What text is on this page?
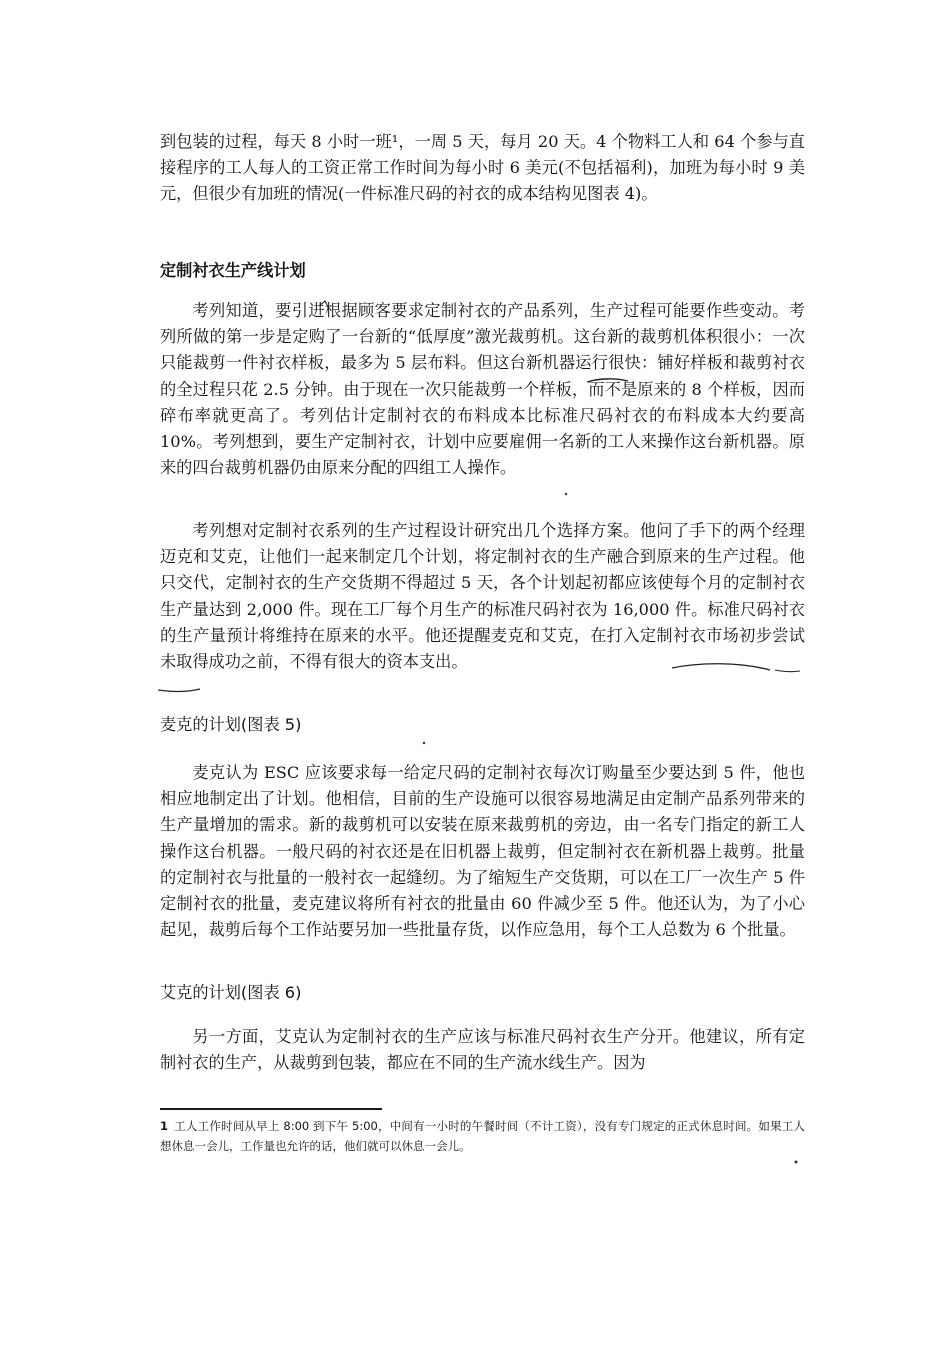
到包装的过程，每天 8 小时一班¹，一周 5 天，每月 20 天。4 个物料工人和 64 个参与直接程序的工人每人的工资正常工作时间为每小时 6 美元(不包括福利)，加班为每小时 9 美元，但很少有加班的情况(一件标准尺码的衬衣的成本结构见图表 4)。

定制衬衣生产线计划

考列知道，要引进根据顾客要求定制衬衣的产品系列，生产过程可能要作些变动。考列所做的第一步是定购了一台新的“低厚度”激光裁剪机。这台新的裁剪机体积很小：一次只能裁剪一件衬衣样板，最多为 5 层布料。但这台新机器运行很快：铺好样板和裁剪衬衣的全过程只花 2.5 分钟。由于现在一次只能裁剪一个样板，而不是原来的 8 个样板，因而碎布率就更高了。考列估计定制衬衣的布料成本比标准尺码衬衣的布料成本大约要高 10%。考列想到，要生产定制衬衣，计划中应要雇佣一名新的工人来操作这台新机器。原来的四台裁剪机器仍由原来分配的四组工人操作。

考列想对定制衬衣系列的生产过程设计研究出几个选择方案。他问了手下的两个经理迈克和艾克，让他们一起来制定几个计划，将定制衬衣的生产融合到原来的生产过程。他只交代，定制衬衣的生产交货期不得超过 5 天，各个计划起初都应该使每个月的定制衬衣生产量达到 2,000 件。现在工厂每个月生产的标准尺码衬衣为 16,000 件。标准尺码衬衣的生产量预计将维持在原来的水平。他还提醒麦克和艾克，在打入定制衬衣市场初步尝试未取得成功之前，不得有很大的资本支出。

麦克的计划(图表 5)

麦克认为 ESC 应该要求每一给定尺码的定制衬衣每次订购量至少要达到 5 件，他也相应地制定出了计划。他相信，目前的生产设施可以很容易地满足由定制产品系列带来的生产量增加的需求。新的裁剪机可以安装在原来裁剪机的旁边，由一名专门指定的新工人操作这台机器。一般尺码的衬衣还是在旧机器上裁剪，但定制衬衣在新机器上裁剪。批量的定制衬衣与批量的一般衬衣一起缝纫。为了缩短生产交货期，可以在工厂一次生产 5 件定制衬衣的批量，麦克建议将所有衬衣的批量由 60 件减少至 5 件。他还认为，为了小心起见，裁剪后每个工作站要另加一些批量存货，以作应急用，每个工人总数为 6 个批量。

艾克的计划(图表 6)

另一方面，艾克认为定制衬衣的生产应该与标准尺码衬衣生产分开。他建议，所有定制衬衣的生产，从裁剪到包装，都应在不同的生产流水线生产。因为

1 工人工作时间从早上 8:00 到下午 5:00，中间有一小时的午餐时间（不计工资），没有专门规定的正式休息时间。如果工人想休息一会儿，工作量也允许的话，他们就可以休息一会儿。
